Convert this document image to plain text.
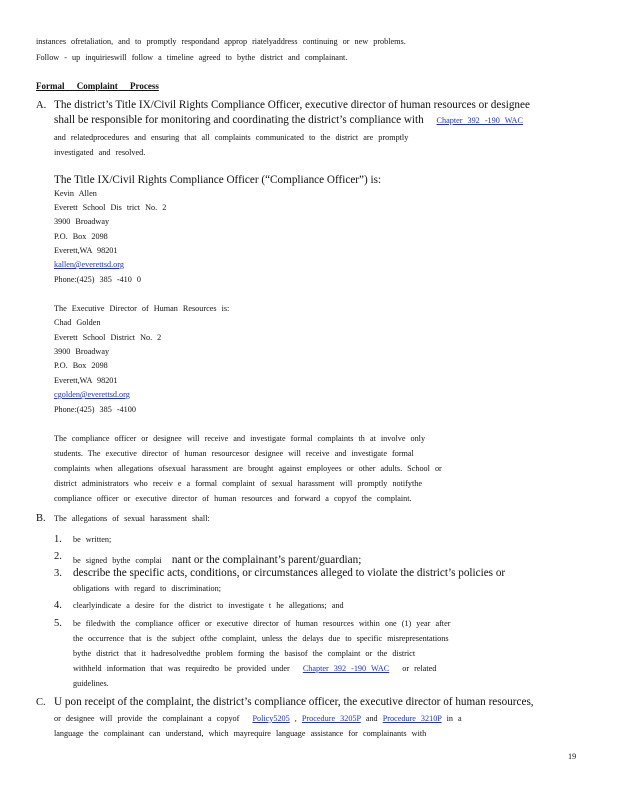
instances ofretaliation, and to promptly respondand approp riatelyaddress continuing or new problems.
Follow - up inquirieswill follow a timeline agreed to bythe district and complainant.
Formal Complaint Process
A. The district’s Title IX/Civil Rights Compliance Officer, executive director of human resources or designee
shall be responsible for monitoring and coordinating the district’s compliance with Chapter 392 -190 WAC
and relatedprocedures and ensuring that all complaints communicated to the district are promptly
investigated and resolved.
The Title IX/Civil Rights Compliance Officer (“Compliance Officer”) is:
Kevin Allen
Everett School Dis trict No. 2
3900 Broadway
P.O. Box 2098
Everett,WA 98201
kallen@everettsd.org
Phone:(425) 385 -410 0
The Executive Director of Human Resources is:
Chad Golden
Everett School District No. 2
3900 Broadway
P.O. Box 2098
Everett,WA 98201
cgolden@everettsd.org
Phone:(425) 385 -4100
The compliance officer or designee will receive and investigate formal complaints th at involve only
students. The executive director of human resourcesor designee will receive and investigate formal
complaints when allegations ofsexual harassment are brought against employees or other adults. School or
district administrators who receiv e a formal complaint of sexual harassment will promptly notifythe
compliance officer or executive director of human resources and forward a copyof the complaint.
B. The allegations of sexual harassment shall:
1. be written;
2. be signed bythe complai nant or the complainant’s parent/guardian;
3. describe the specific acts, conditions, or circumstances alleged to violate the district’s policies or
obligations with regard to discrimination;
4. clearlyindicate a desire for the district to investigate t he allegations; and
5. be filedwith the compliance officer or executive director of human resources within one (1) year after
the occurrence that is the subject ofthe complaint, unless the delays due to specific misrepresentations
bythe district that it hadresolvedthe problem forming the basisof the complaint or the district
withheld information that was requiredto be provided under Chapter 392 -190 WAC or related
guidelines.
C. U pon receipt of the complaint, the district’s compliance officer, the executive director of human resources,
or designee will provide the complainant a copyof Policy5205 , Procedure 3205P and Procedure 3210P in a
language the complainant can understand, which mayrequire language assistance for complainants with
19
